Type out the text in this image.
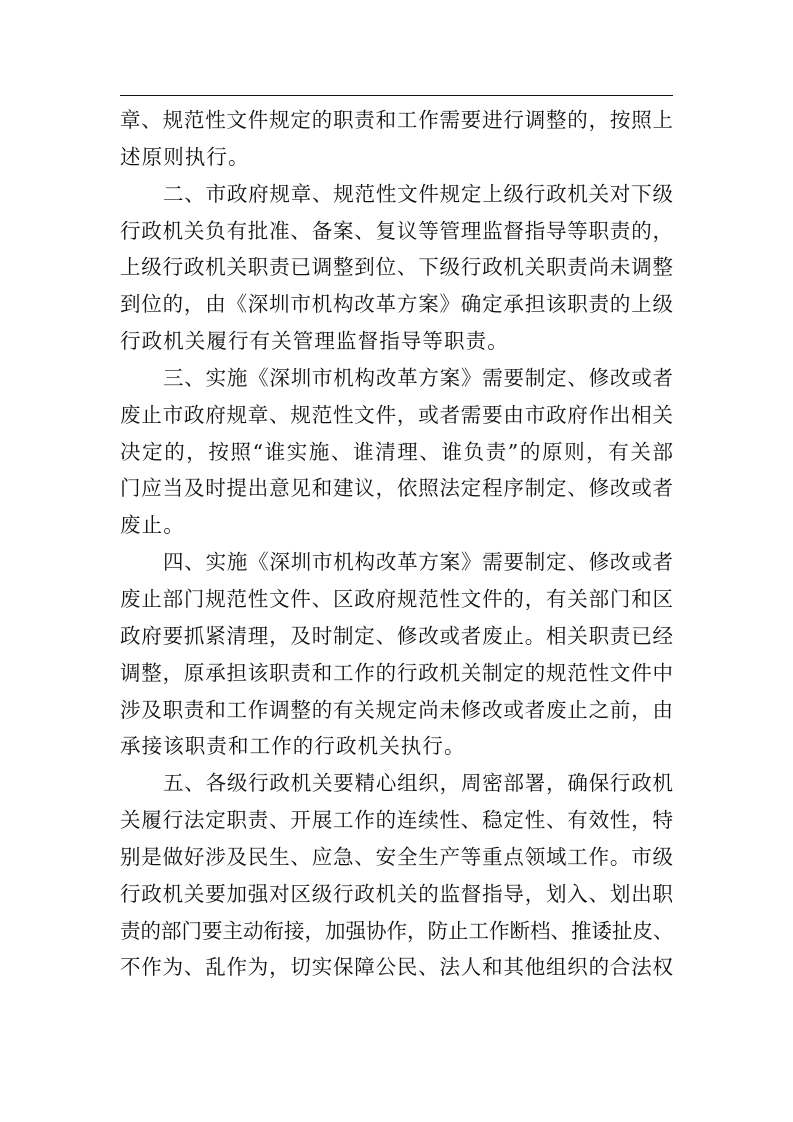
章、规范性文件规定的职责和工作需要进行调整的，按照上
述原则执行。
二、市政府规章、规范性文件规定上级行政机关对下级
行政机关负有批准、备案、复议等管理监督指导等职责的，
上级行政机关职责已调整到位、下级行政机关职责尚未调整
到位的，由《深圳市机构改革方案》确定承担该职责的上级
行政机关履行有关管理监督指导等职责。
三、实施《深圳市机构改革方案》需要制定、修改或者
废止市政府规章、规范性文件，或者需要由市政府作出相关
决定的，按照“谁实施、谁清理、谁负责”的原则，有关部
门应当及时提出意见和建议，依照法定程序制定、修改或者
废止。
四、实施《深圳市机构改革方案》需要制定、修改或者
废止部门规范性文件、区政府规范性文件的，有关部门和区
政府要抓紧清理，及时制定、修改或者废止。相关职责已经
调整，原承担该职责和工作的行政机关制定的规范性文件中
涉及职责和工作调整的有关规定尚未修改或者废止之前，由
承接该职责和工作的行政机关执行。
五、各级行政机关要精心组织，周密部署，确保行政机
关履行法定职责、开展工作的连续性、稳定性、有效性，特
别是做好涉及民生、应急、安全生产等重点领域工作。市级
行政机关要加强对区级行政机关的监督指导，划入、划出职
责的部门要主动衔接，加强协作，防止工作断档、推诿扯皮、
不作为、乱作为，切实保障公民、法人和其他组织的合法权
